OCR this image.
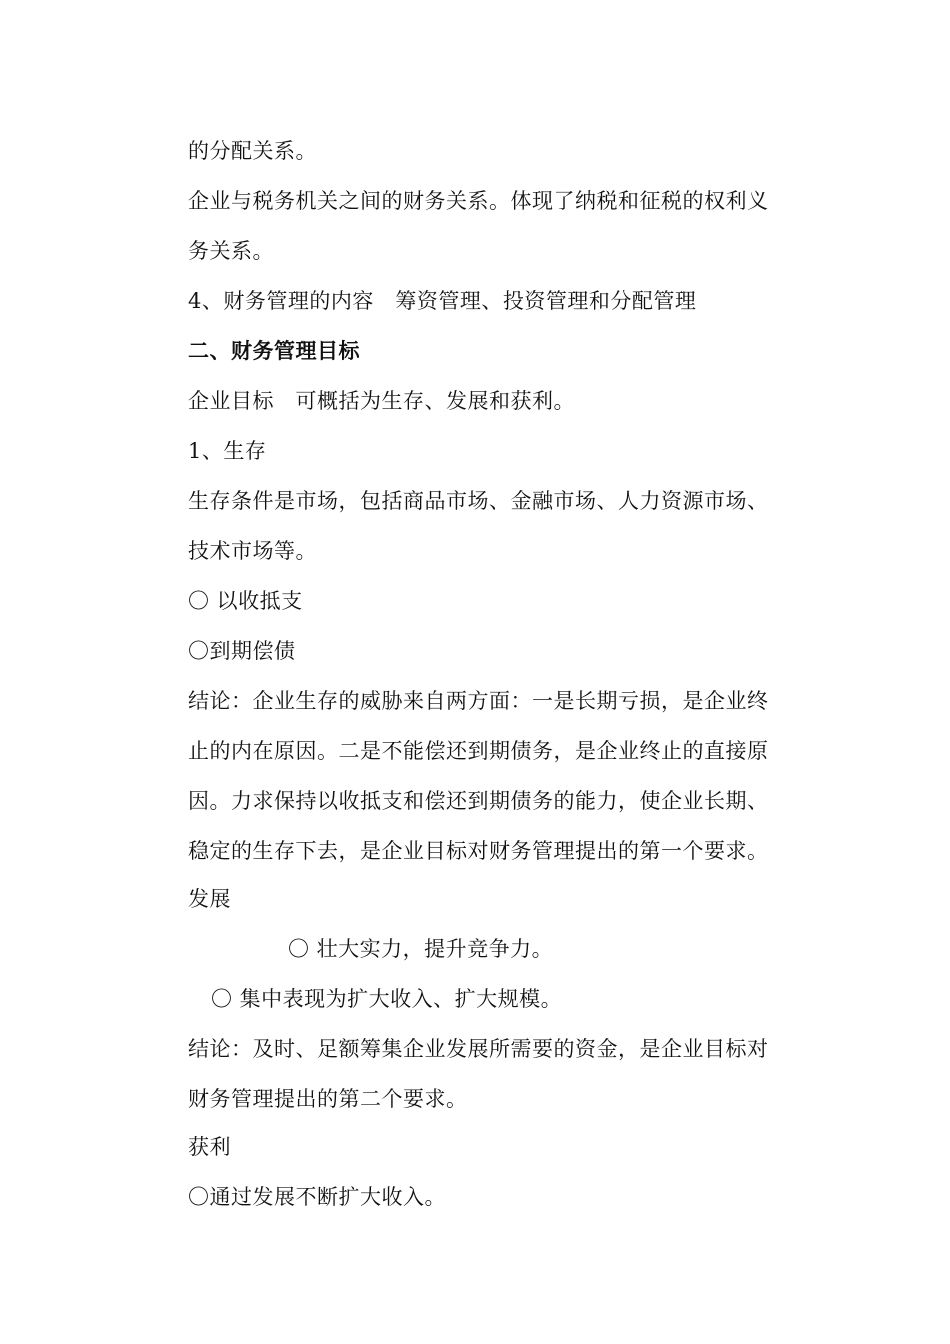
的分配关系。
企业与税务机关之间的财务关系。体现了纳税和征税的权利义
务关系。
4、财务管理的内容　筹资管理、投资管理和分配管理
二、财务管理目标
企业目标　可概括为生存、发展和获利。
1、生存
生存条件是市场，包括商品市场、金融市场、人力资源市场、
技术市场等。
〇 以收抵支
〇到期偿债
结论：企业生存的威胁来自两方面：一是长期亏损，是企业终
止的内在原因。二是不能偿还到期债务，是企业终止的直接原
因。力求保持以收抵支和偿还到期债务的能力，使企业长期、
稳定的生存下去，是企业目标对财务管理提出的第一个要求。
发展
〇 壮大实力，提升竞争力。
〇 集中表现为扩大收入、扩大规模。
结论：及时、足额筹集企业发展所需要的资金，是企业目标对
财务管理提出的第二个要求。
获利
〇通过发展不断扩大收入。
